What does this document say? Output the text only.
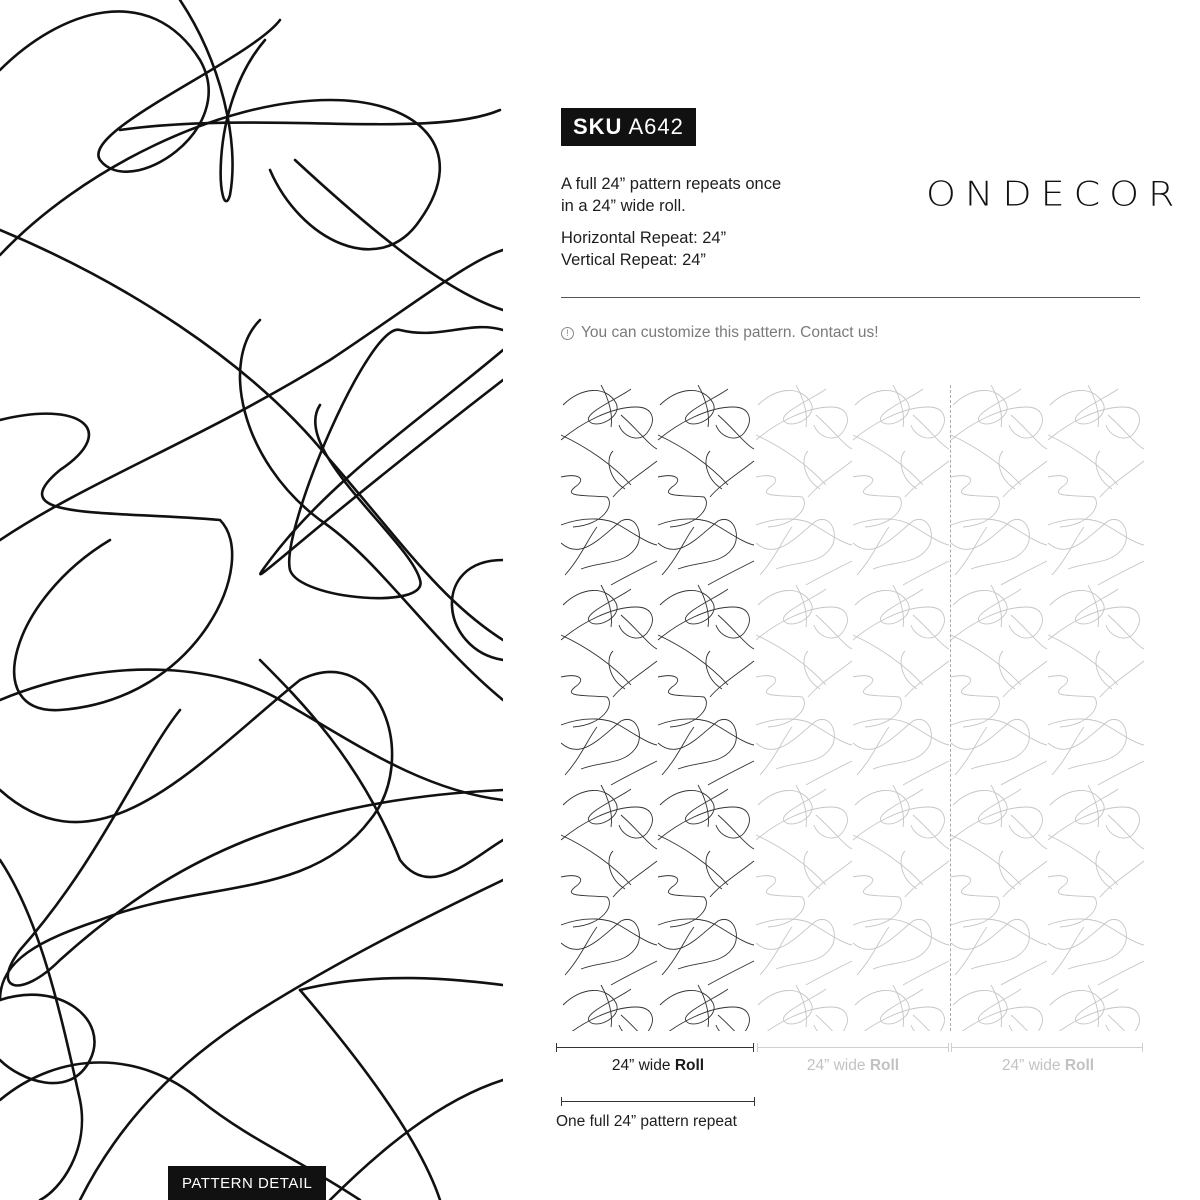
PATTERN DETAIL
SKU A642
A full 24” pattern repeats once
in a 24” wide roll.
Horizontal Repeat: 24”
Vertical Repeat: 24”
ONDECOR
! You can customize this pattern. Contact us!
24” wide Roll	24” wide Roll	24” wide Roll
One full 24” pattern repeat
